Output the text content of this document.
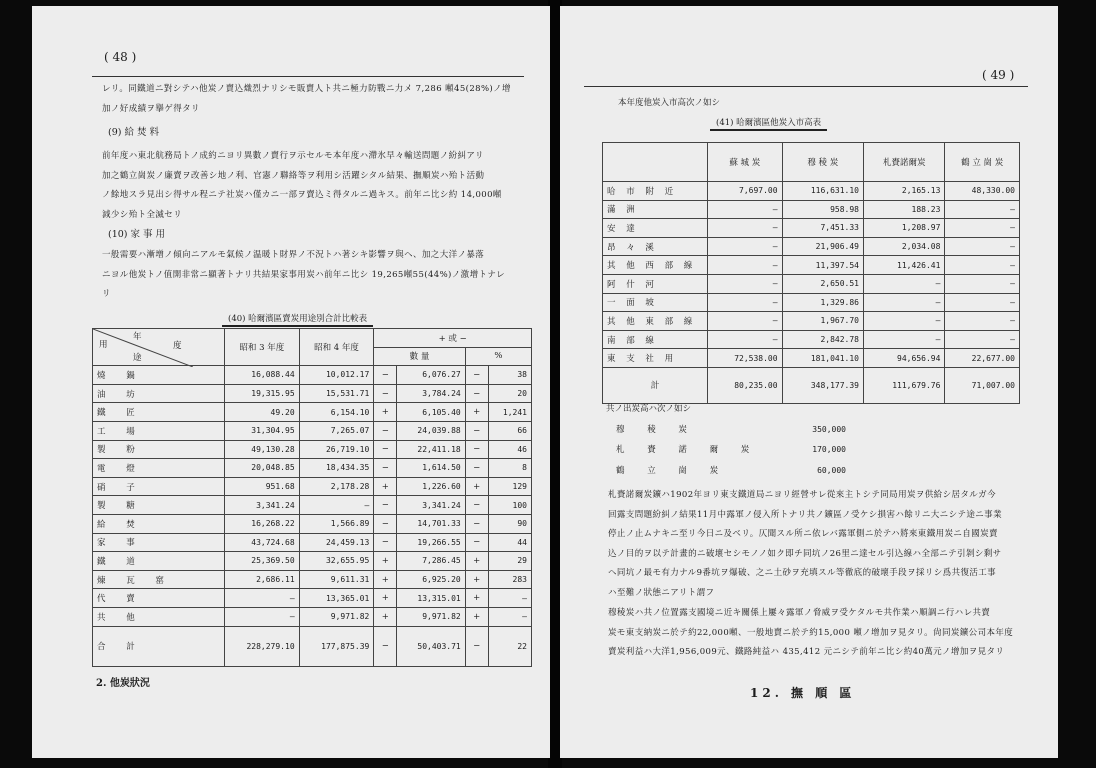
( 48 )
レリ。同鐵道ニ對シテハ他炭ノ賣込熾烈ナリシモ販賣人ト共ニ極力防戰ニ力メ 7,286 噸45(28%)ノ增
加ノ好成績ヲ擧ゲ得タリ
(9) 給 焚 料
前年度ハ東北航務局トノ成約ニヨリ異數ノ賣行ヲ示セルモ本年度ハ滯氷早々輸送問題ノ紛糾アリ
加之鶴立崗炭ノ廉賣ヲ改善シ地ノ利、官憲ノ聯絡等ヲ利用シ活躍シタル結果、撫順炭ハ殆ト活動
ノ餘地スラ見出シ得サル程ニテ社炭ハ僅カニ一部ヲ賣込ミ得タルニ過キス。前年ニ比シ約 14,000噸
減少シ殆ト全滅セリ
(10) 家 事 用
一般需要ハ漸增ノ傾向ニアルモ氣候ノ温暖ト財界ノ不況トハ著シキ影響ヲ與ヘ、加之大洋ノ暴落
ニヨル他炭トノ值開非常ニ顯著トナリ共結果家事用炭ハ前年ニ比シ 19,265噸55(44%)ノ激增トナレ
リ
(40) 哈爾濱區賣炭用途別合計比較表
年
用 度
途	昭和 3 年度	昭和 4 年度	+ 或 −			
			數 量		%	
燒 鍋	16,088.44	10,012.17	−	6,076.27	−	38
油 坊	19,315.95	15,531.71	−	3,784.24	−	20
鐵 匠	49.20	6,154.10	+	6,105.40	+	1,241
工 場	31,304.95	7,265.07	−	24,039.88	−	66
製 粉	49,130.28	26,719.10	−	22,411.18	−	46
電 燈	20,048.85	18,434.35	−	1,614.50	−	8
硝 子	951.68	2,178.28	+	1,226.60	+	129
製 糖	3,341.24	—	−	3,341.24	−	100
給 焚	16,268.22	1,566.89	−	14,701.33	−	90
家 事	43,724.68	24,459.13	−	19,266.55	−	44
鐵 道	25,369.50	32,655.95	+	7,286.45	+	29
煉 瓦 窰	2,686.11	9,611.31	+	6,925.20	+	283
代 賣	—	13,365.01	+	13,315.01	+	—
共 他	—	9,971.82	+	9,971.82	+	—
合 計	228,279.10	177,875.39	−	50,403.71	−	22
2. 他炭狀況
( 49 )
本年度他炭入市高次ノ如シ
(41) 哈爾濱區他炭入市高表
	蘇 城 炭	穆 稜 炭	札賚諾爾炭	鶴 立 崗 炭
哈 市 附 近	7,697.00	116,631.10	2,165.13	48,330.00
滿 洲	—	958.98	188.23	—
安 達	—	7,451.33	1,208.97	—
昂 々 溪	—	21,906.49	2,034.08	—
其 他 西 部 線	—	11,397.54	11,426.41	—
阿 什 河	—	2,650.51	—	—
一 面 坡	—	1,329.86	—	—
其 他 東 部 線	—	1,967.70	—	—
南 部 線	—	2,842.78	—	—
東 支 社 用	72,538.00	181,041.10	94,656.94	22,677.00
計	80,235.00	348,177.39	111,679.76	71,007.00
共ノ出炭高ハ次ノ如シ
穆 稜 炭	350,000
札 賚 諾 爾 炭	170,000
鶴 立 崗 炭	60,000
札賚諾爾炭鑛ハ1902年ヨリ東支鐵道局ニヨリ經營サレ從來主トシテ同局用炭ヲ供給シ居タルガ今
回露支問題紛糾ノ結果11月中露軍ノ侵入所トナリ共ノ鑛區ノ受ケシ損害ハ餘リニ大ニシテ途ニ事業
停止ノ止ムナキニ至リ今日ニ及ベリ。仄聞スル所ニ依レバ露軍側ニ於テハ將來東鐵用炭ニ自國炭賣
込ノ目的ヲ以テ計畫的ニ破壞セシモノノ如ク即チ同坑ノ26里ニ達セル引込線ハ全部ニテ引剝シ剩サ
ヘ同坑ノ最モ有力ナル9番坑ヲ爆破、之ニ土砂ヲ充填スル等徹底的破壞手段ヲ採リシ爲共復活工事
ハ至難ノ狀態ニアリト謂フ
穆稜炭ハ共ノ位置露支國境ニ近キ關係上屢々露軍ノ脅威ヲ受ケタルモ共作業ハ順調ニ行ハレ共賣
炭モ東支納炭ニ於テ約22,000噸、一般地賣ニ於テ約15,000 噸ノ增加ヲ見タリ。尙同炭鑛公司本年度
賣炭利益ハ大洋1,956,009元、鐵路純益ハ 435,412 元ニシテ前年ニ比シ約40萬元ノ增加ヲ見タリ
12. 撫 順 區
